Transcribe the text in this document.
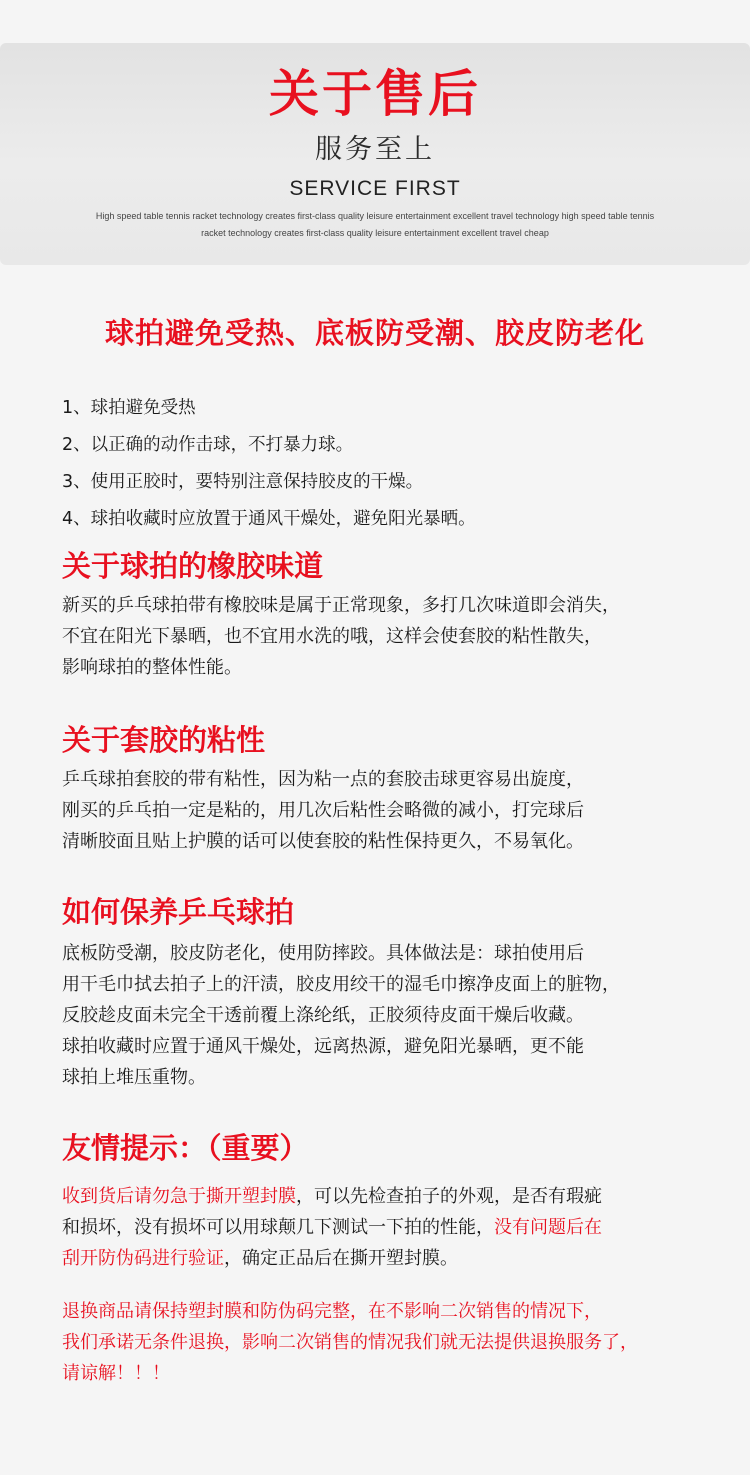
关于售后
服务至上
SERVICE FIRST
High speed table tennis racket technology creates first-class quality leisure entertainment excellent travel technology high speed table tennis
racket technology creates first-class quality leisure entertainment excellent travel cheap
球拍避免受热、底板防受潮、胶皮防老化
1、球拍避免受热
2、以正确的动作击球，不打暴力球。
3、使用正胶时，要特别注意保持胶皮的干燥。
4、球拍收藏时应放置于通风干燥处，避免阳光暴晒。
关于球拍的橡胶味道
新买的乒乓球拍带有橡胶味是属于正常现象，多打几次味道即会消失，
不宜在阳光下暴晒，也不宜用水洗的哦，这样会使套胶的粘性散失，
影响球拍的整体性能。
关于套胶的粘性
乒乓球拍套胶的带有粘性，因为粘一点的套胶击球更容易出旋度，
刚买的乒乓拍一定是粘的，用几次后粘性会略微的减小，打完球后
清晰胶面且贴上护膜的话可以使套胶的粘性保持更久，不易氧化。
如何保养乒乓球拍
底板防受潮，胶皮防老化，使用防摔跤。具体做法是：球拍使用后
用干毛巾拭去拍子上的汗渍，胶皮用绞干的湿毛巾擦净皮面上的脏物，
反胶趁皮面未完全干透前覆上涤纶纸，正胶须待皮面干燥后收藏。
球拍收藏时应置于通风干燥处，远离热源，避免阳光暴晒，更不能
球拍上堆压重物。
友情提示：（重要）
收到货后请勿急于撕开塑封膜，可以先检查拍子的外观，是否有瑕疵
和损坏，没有损坏可以用球颠几下测试一下拍的性能，没有问题后在
刮开防伪码进行验证，确定正品后在撕开塑封膜。
退换商品请保持塑封膜和防伪码完整，在不影响二次销售的情况下，
我们承诺无条件退换，影响二次销售的情况我们就无法提供退换服务了，
请谅解！！！
